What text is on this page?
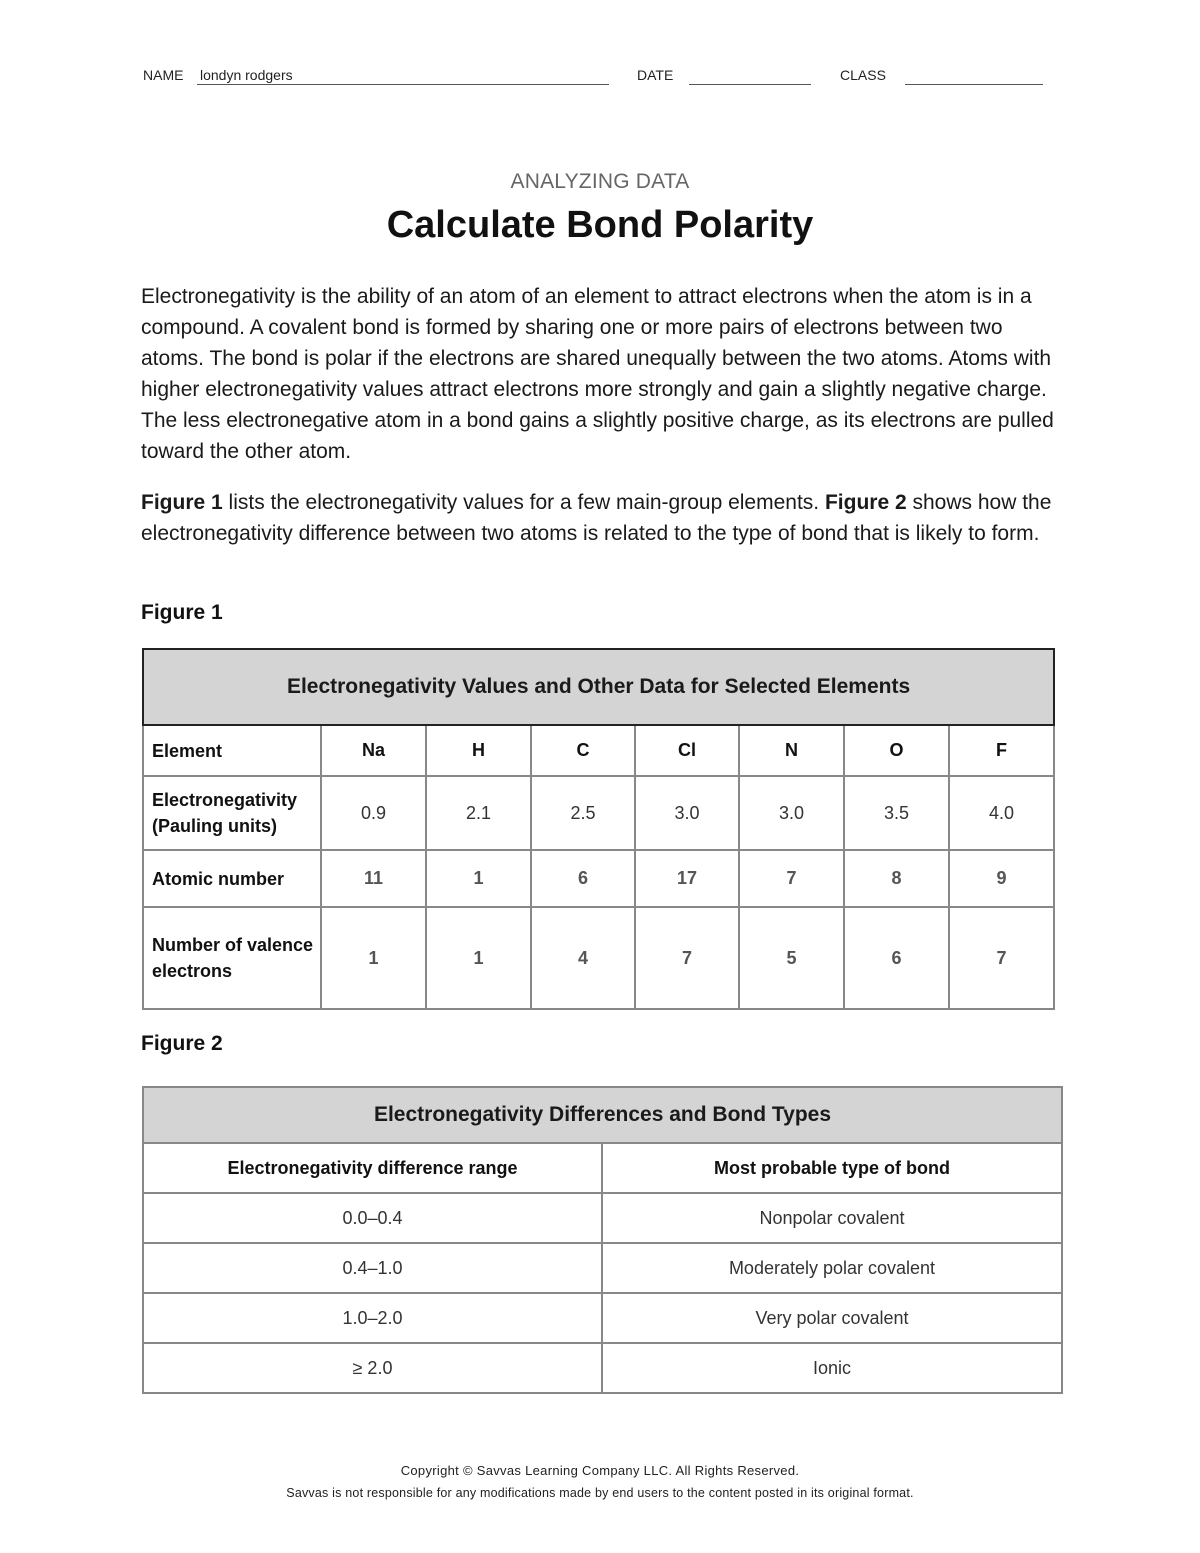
NAME londyn rodgers	DATE	CLASS
ANALYZING DATA
Calculate Bond Polarity

Electronegativity is the ability of an atom of an element to attract electrons when the atom is in a compound. A covalent bond is formed by sharing one or more pairs of electrons between two atoms. The bond is polar if the electrons are shared unequally between the two atoms. Atoms with higher electronegativity values attract electrons more strongly and gain a slightly negative charge. The less electronegative atom in a bond gains a slightly positive charge, as its electrons are pulled toward the other atom.

Figure 1 lists the electronegativity values for a few main-group elements. Figure 2 shows how the electronegativity difference between two atoms is related to the type of bond that is likely to form.

Figure 1
Electronegativity Values and Other Data for Selected Elements							
Element	Na	H	C	Cl	N	O	F
Electronegativity (Pauling units)	0.9	2.1	2.5	3.0	3.0	3.5	4.0
Atomic number	11	1	6	17	7	8	9
Number of valence electrons	1	1	4	7	5	6	7
Figure 2
Electronegativity Differences and Bond Types	
Electronegativity difference range	Most probable type of bond
0.0–0.4	Nonpolar covalent
0.4–1.0	Moderately polar covalent
1.0–2.0	Very polar covalent
≥ 2.0	Ionic
Copyright © Savvas Learning Company LLC. All Rights Reserved.
Savvas is not responsible for any modifications made by end users to the content posted in its original format.
